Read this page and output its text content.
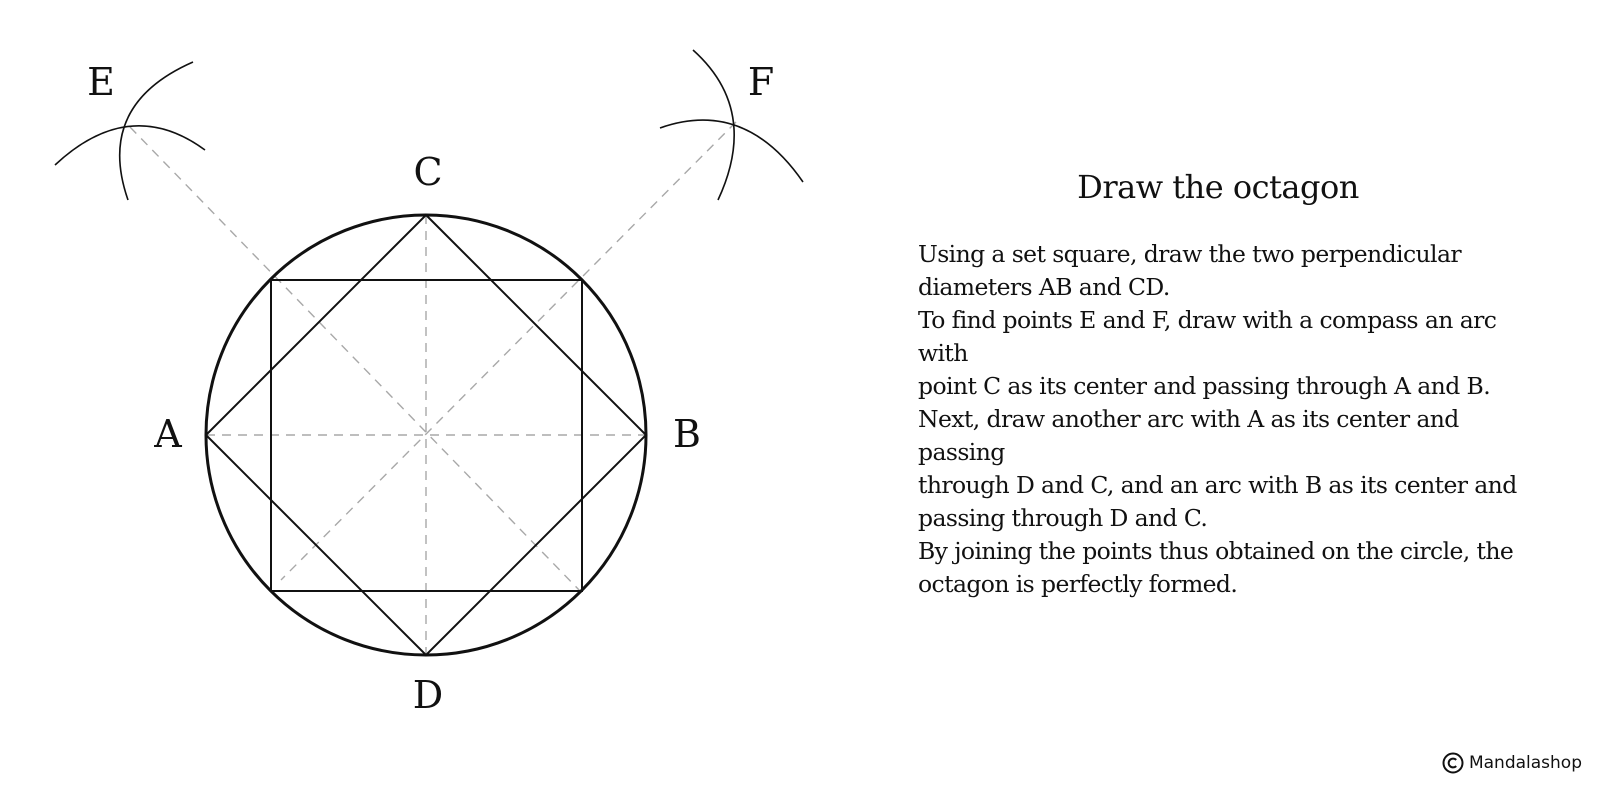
A	B
C
D
E	F
Draw the octagon

Using a set square, draw the two perpendicular

diameters AB and CD.

To find points E and F, draw with a compass an arc with

point C as its center and passing through A and B.

Next, draw another arc with A as its center and passing

through D and C, and an arc with B as its center and

passing through D and C.

By joining the points thus obtained on the circle, the

octagon is perfectly formed.

Mandalashop
